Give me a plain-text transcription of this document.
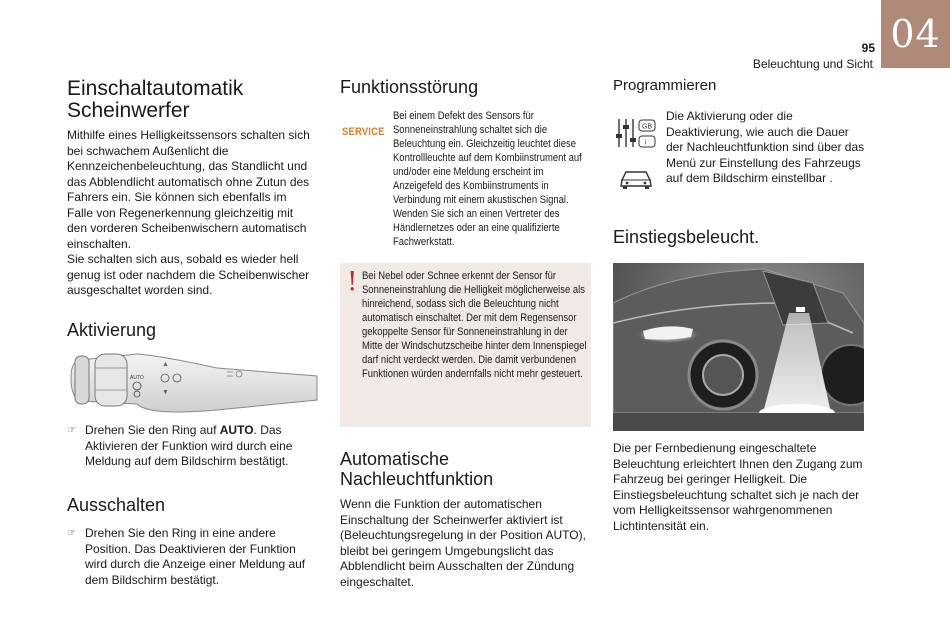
04
95
Beleuchtung und Sicht
Einschaltautomatik Scheinwerfer
Mithilfe eines Helligkeitssensors schalten sich bei schwachem Außenlicht die Kennzeichenbeleuchtung, das Standlicht und das Abblendlicht automatisch ohne Zutun des Fahrers ein. Sie können sich ebenfalls im Falle von Regenerkennung gleichzeitig mit den vorderen Scheibenwischern automatisch einschalten.
Sie schalten sich aus, sobald es wieder hell genug ist oder nachdem die Scheibenwischer ausgeschaltet worden sind.
Aktivierung
AUTO
▲
▼
☞ Drehen Sie den Ring auf AUTO. Das Aktivieren der Funktion wird durch eine Meldung auf dem Bildschirm bestätigt.
Ausschalten
☞ Drehen Sie den Ring in eine andere Position. Das Deaktivieren der Funktion wird durch die Anzeige einer Meldung auf dem Bildschirm bestätigt.
Funktionsstörung
SERVICE
Bei einem Defekt des Sensors für Sonneneinstrahlung schaltet sich die Beleuchtung ein. Gleichzeitig leuchtet diese Kontrollleuchte auf dem Kombiinstrument auf und/oder eine Meldung erscheint im Anzeigefeld des Kombiinstruments in Verbindung mit einem akustischen Signal. Wenden Sie sich an einen Vertreter des Händlernetzes oder an eine qualifizierte Fachwerkstatt.
! Bei Nebel oder Schnee erkennt der Sensor für Sonneneinstrahlung die Helligkeit möglicherweise als hinreichend, sodass sich die Beleuchtung nicht automatisch einschaltet. Der mit dem Regensensor gekoppelte Sensor für Sonneneinstrahlung in der Mitte der Windschutzscheibe hinter dem Innenspiegel darf nicht verdeckt werden. Die damit verbundenen Funktionen würden andernfalls nicht mehr gesteuert.
Automatische Nachleuchtfunktion
Wenn die Funktion der automatischen Einschaltung der Scheinwerfer aktiviert ist (Beleuchtungsregelung in der Position AUTO), bleibt bei geringem Umgebungslicht das Abblendlicht beim Ausschalten der Zündung eingeschaltet.
Programmieren
GB
i
Die Aktivierung oder die Deaktivierung, wie auch die Dauer der Nachleuchtfunktion sind über das Menü zur Einstellung des Fahrzeugs auf dem Bildschirm einstellbar .
Einstiegsbeleucht.
Die per Fernbedienung eingeschaltete Beleuchtung erleichtert Ihnen den Zugang zum Fahrzeug bei geringer Helligkeit. Die Einstiegsbeleuchtung schaltet sich je nach der vom Helligkeitssensor wahrgenommenen Lichtintensität ein.
